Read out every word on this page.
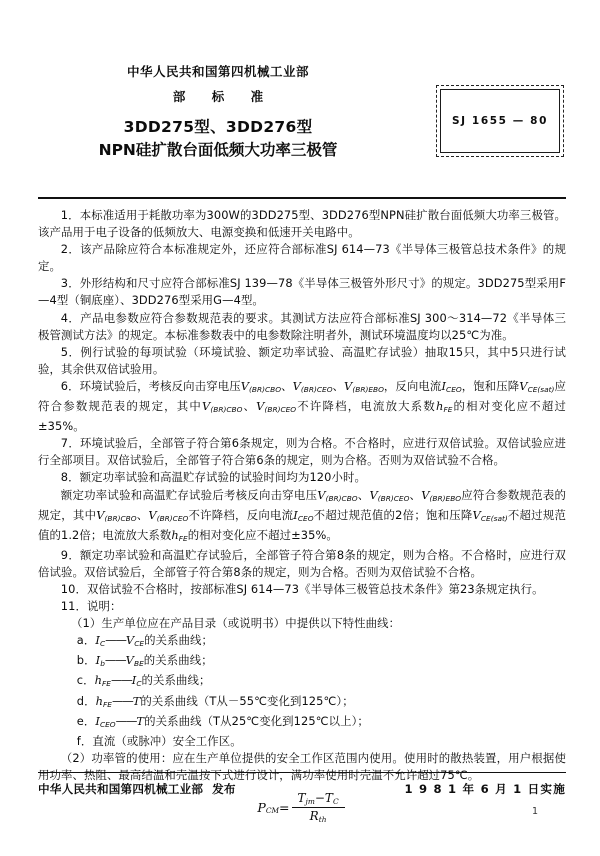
中华人民共和国第四机械工业部
部 标 准
3DD275型、3DD276型
NPN硅扩散台面低频大功率三极管
SJ 1655 — 80

1．本标准适用于耗散功率为300W的3DD275型、3DD276型NPN硅扩散台面低频大功率三极管。该产品用于电子设备的低频放大、电源变换和低速开关电路中。

2．该产品除应符合本标准规定外，还应符合部标准SJ 614—73《半导体三极管总技术条件》的规定。

3．外形结构和尺寸应符合部标准SJ 139—78《半导体三极管外形尺寸》的规定。3DD275型采用F—4型（铜底座）、3DD276型采用G—4型。

4．产品电参数应符合参数规范表的要求。其测试方法应符合部标准SJ 300～314—72《半导体三极管测试方法》的规定。本标准参数表中的电参数除注明者外，测试环境温度均以25℃为准。

5．例行试验的每项试验（环境试验、额定功率试验、高温贮存试验）抽取15只，其中5只进行试验，其余供双倍试验用。

6．环境试验后，考核反向击穿电压$V_{(BR)CBO}$、$V_{(BR)CEO}$、$V_{(BR)EBO}$，反向电流$I_{CEO}$，饱和压降$V_{CE(sat)}$应符合参数规范表的规定，其中$V_{(BR)CBO}$、$V_{(BR)CEO}$不许降档，电流放大系数$h_{FE}$的相对变化应不超过±35%。

7．环境试验后，全部管子符合第6条规定，则为合格。不合格时，应进行双倍试验。双倍试验应进行全部项目。双倍试验后，全部管子符合第6条的规定，则为合格。否则为双倍试验不合格。

8．额定功率试验和高温贮存试验的试验时间均为120小时。

额定功率试验和高温贮存试验后考核反向击穿电压$V_{(BR)CBO}$、$V_{(BR)CEO}$、$V_{(BR)EBO}$应符合参数规范表的规定，其中$V_{(BR)CBO}$、$V_{(BR)CEO}$不许降档，反向电流$I_{CEO}$不超过规范值的2倍；饱和压降$V_{CE(sat)}$不超过规范值的1.2倍；电流放大系数$h_{FE}$的相对变化应不超过±35%。

9．额定功率试验和高温贮存试验后，全部管子符合第8条的规定，则为合格。不合格时，应进行双倍试验。双倍试验后，全部管子符合第8条的规定，则为合格。否则为双倍试验不合格。

10．双倍试验不合格时，按部标准SJ 614—73《半导体三极管总技术条件》第23条规定执行。

11．说明：

（1）生产单位应在产品目录（或说明书）中提供以下特性曲线：

a．$I_C——V_{CE}$的关系曲线；

b．$I_b——V_{BE}$的关系曲线；

c．$h_{FE}——I_C$的关系曲线；

d．$h_{FE}——T$的关系曲线（T从－55℃变化到125℃）；

e．$I_{CEO}——T$的关系曲线（T从25℃变化到125℃以上）；

f．直流（或脉冲）安全工作区。

（2）功率管的使用：应在生产单位提供的安全工作区范围内使用。使用时的散热装置，用户根据使用功率、热阻、最高结温和壳温按下式进行设计，满功率使用时壳温不允许超过75℃。

$P_{CM}= \frac{T_{jm}-T_C}{R_{th}}$
中华人民共和国第四机械工业部 发布	1 9 8 1 年 6 月 1 日实施
1
